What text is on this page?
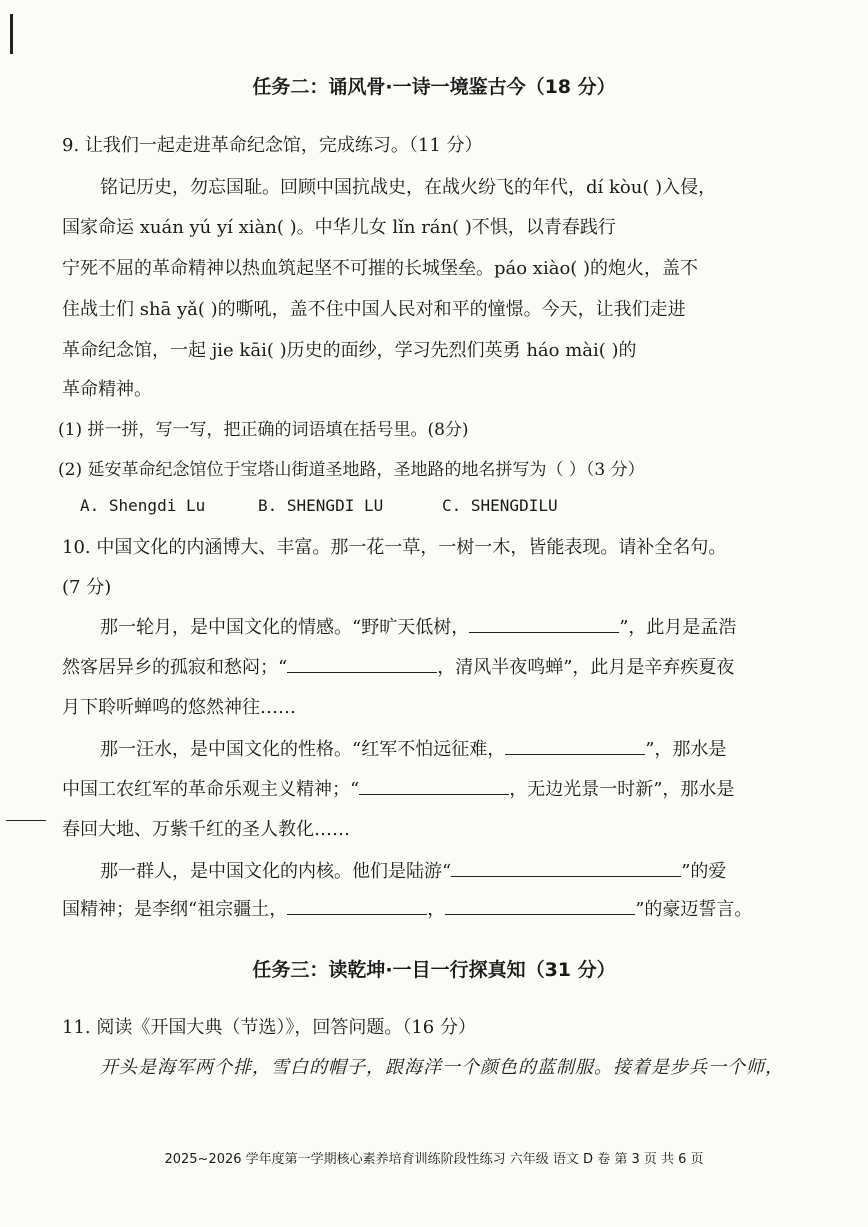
任务二：诵风骨·一诗一境鉴古今（18 分）
9. 让我们一起走进革命纪念馆，完成练习。（11 分）
铭记历史，勿忘国耻。回顾中国抗战史，在战火纷飞的年代，dí kòu( )入侵，
国家命运 xuán yú yí xiàn( )。中华儿女 lǐn rán( )不惧，以青春践行
宁死不屈的革命精神以热血筑起坚不可摧的长城堡垒。páo xiào( )的炮火，盖不
住战士们 shā yǎ( )的嘶吼，盖不住中国人民对和平的憧憬。今天，让我们走进
革命纪念馆，一起 jie kāi( )历史的面纱，学习先烈们英勇 háo mài( )的
革命精神。
(1) 拼一拼，写一写，把正确的词语填在括号里。(8分)
(2) 延安革命纪念馆位于宝塔山街道圣地路，圣地路的地名拼写为（ ）（3 分）
A. Shengdi Lu	B. SHENGDI LU	C. SHENGDILU
10. 中国文化的内涵博大、丰富。那一花一草，一树一木，皆能表现。请补全名句。
(7 分)
那一轮月，是中国文化的情感。“野旷天低树，	”，此月是孟浩
然客居异乡的孤寂和愁闷；“	，清风半夜鸣蝉”，此月是辛弃疾夏夜
月下聆听蝉鸣的悠然神往……
那一汪水，是中国文化的性格。“红军不怕远征难，	”，那水是
中国工农红军的革命乐观主义精神；“	，无边光景一时新”，那水是
春回大地、万紫千红的圣人教化……
那一群人，是中国文化的内核。他们是陆游“	”的爱
国精神；是李纲“祖宗疆土，	，	”的豪迈誓言。
任务三：读乾坤·一目一行探真知（31 分）
11. 阅读《开国大典（节选）》，回答问题。（16 分）
开头是海军两个排，雪白的帽子，跟海洋一个颜色的蓝制服。接着是步兵一个师，
2025~2026 学年度第一学期核心素养培育训练阶段性练习 六年级 语文 D 卷 第 3 页 共 6 页
